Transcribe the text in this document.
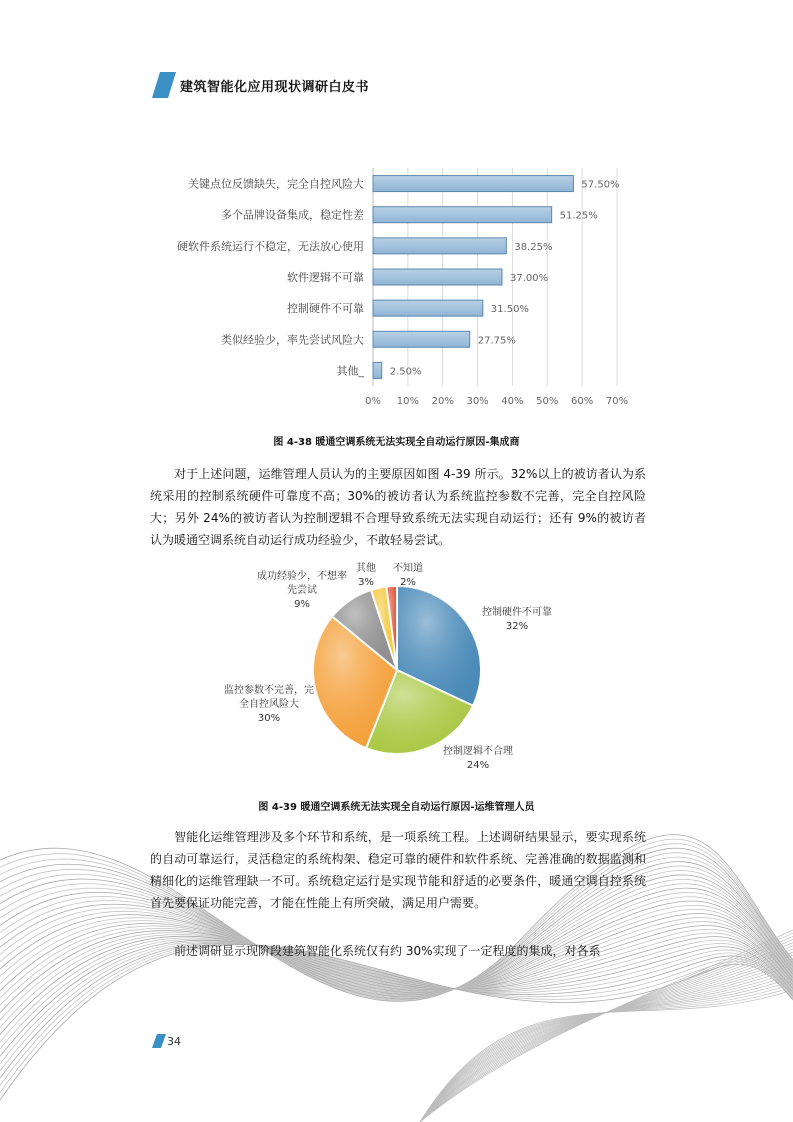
建筑智能化应用现状调研白皮书
0% 10% 20% 30% 40% 50% 60% 70%
关键点位反馈缺失，完全自控风险大	57.50%
多个品牌设备集成，稳定性差	51.25%
硬软件系统运行不稳定，无法放心使用	38.25%
软件逻辑不可靠	37.00%
控制硬件不可靠	31.50%
类似经验少，率先尝试风险大	27.75%
其他_	2.50%
图 4-38 暖通空调系统无法实现全自动运行原因-集成商

对于上述问题，运维管理人员认为的主要原因如图 4-39 所示。32%以上的被访者认为系统采用的控制系统硬件可靠度不高；30%的被访者认为系统监控参数不完善，完全自控风险大；另外 24%的被访者认为控制逻辑不合理导致系统无法实现自动运行；还有 9%的被访者认为暖通空调系统自动运行成功经验少，不敢轻易尝试。

控制硬件不可靠
32%
控制逻辑不合理
24%
监控参数不完善，完全自控风险大
30%
成功经验少，不想率先尝试
9%
其他
3%
不知道
2%
图 4-39 暖通空调系统无法实现全自动运行原因-运维管理人员

智能化运维管理涉及多个环节和系统，是一项系统工程。上述调研结果显示，要实现系统的自动可靠运行，灵活稳定的系统构架、稳定可靠的硬件和软件系统、完善准确的数据监测和精细化的运维管理缺一不可。系统稳定运行是实现节能和舒适的必要条件，暖通空调自控系统首先要保证功能完善，才能在性能上有所突破，满足用户需要。

前述调研显示现阶段建筑智能化系统仅有约 30%实现了一定程度的集成，对各系

34
